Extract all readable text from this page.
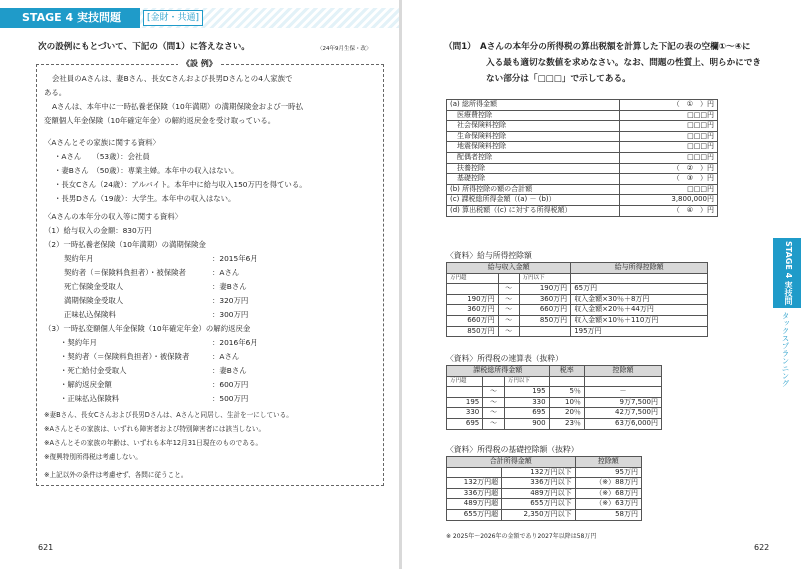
STAGE 4 実技問題	[金財・共通]
次の設例にもとづいて、下記の（問1）に答えなさい。	〈24年9月生保・改〉
《設 例》
会社員のAさんは、妻Bさん、長女Cさんおよび長男Dさんとの4人家族で
ある。
Aさんは、本年中に一時払養老保険（10年満期）の満期保険金および一時払
変額個人年金保険（10年確定年金）の解約返戻金を受け取っている。
〈Aさんとその家族に関する資料〉
・Aさん　　（53歳）：会社員
・妻Bさん　（50歳）：専業主婦。本年中の収入はない。
・長女Cさん（24歳）：アルバイト。本年中に給与収入150万円を得ている。
・長男Dさん（19歳）：大学生。本年中の収入はない。
〈Aさんの本年分の収入等に関する資料〉
（1）給与収入の金額：830万円
（2）一時払養老保険（10年満期）の満期保険金
契約年月	：2015年6月
契約者（＝保険料負担者）・被保険者	：Aさん
死亡保険金受取人	：妻Bさん
満期保険金受取人	：320万円
正味払込保険料	：300万円
（3）一時払変額個人年金保険（10年確定年金）の解約返戻金
・契約年月	：2016年6月
・契約者（＝保険料負担者）・被保険者	：Aさん
・死亡給付金受取人	：妻Bさん
・解約返戻金額	：600万円
・正味払込保険料	：500万円
※妻Bさん、長女Cさんおよび長男Dさんは、Aさんと同居し、生計を一にしている。
※Aさんとその家族は、いずれも障害者および特別障害者には該当しない。
※Aさんとその家族の年齢は、いずれも本年12月31日現在のものである。
※復興特別所得税は考慮しない。
※上記以外の条件は考慮せず、各問に従うこと。
621
（問1）　Aさんの本年分の所得税の算出税額を計算した下記の表の空欄①～④に
入る最も適切な数値を求めなさい。なお、問題の性質上、明らかにでき
ない部分は「□□□」で示してある。
(a) 総所得金額	（　①　）円
　医療費控除	□□□円
　社会保険料控除	□□□円
　生命保険料控除	□□□円
　地震保険料控除	□□□円
　配偶者控除	□□□円
　扶養控除	（　②　）円
　基礎控除	（　③　）円
(b) 所得控除の額の合計額	□□□円
(c) 課税総所得金額（(a) － (b)）	3,800,000円
(d) 算出税額（(c) に対する所得税額）	（　④　）円
〈資料〉給与所得控除額
給与収入金額			給与所得控除額
万円超		万円以下	
	～	190万円	65万円
190万円	～	360万円	収入金額×30％＋8万円
360万円	～	660万円	収入金額×20％＋44万円
660万円	～	850万円	収入金額×10％＋110万円
850万円	～		195万円
〈資料〉所得税の速算表（抜粋）
課税総所得金額			税率	控除額
万円超		万円以下		
	～	195	5％	－
195	～	330	10％	9万7,500円
330	～	695	20％	42万7,500円
695	～	900	23％	63万6,000円
〈資料〉所得税の基礎控除額（抜粋）
合計所得金額		控除額
	132万円以下	95万円
132万円超	336万円以下	（※）88万円
336万円超	489万円以下	（※）68万円
489万円超	655万円以下	（※）63万円
655万円超	2,350万円以下	58万円
※ 2025年～2026年の金額であり2027年以降は58万円
622
STAGE 4 実技問題
タックスプランニング
